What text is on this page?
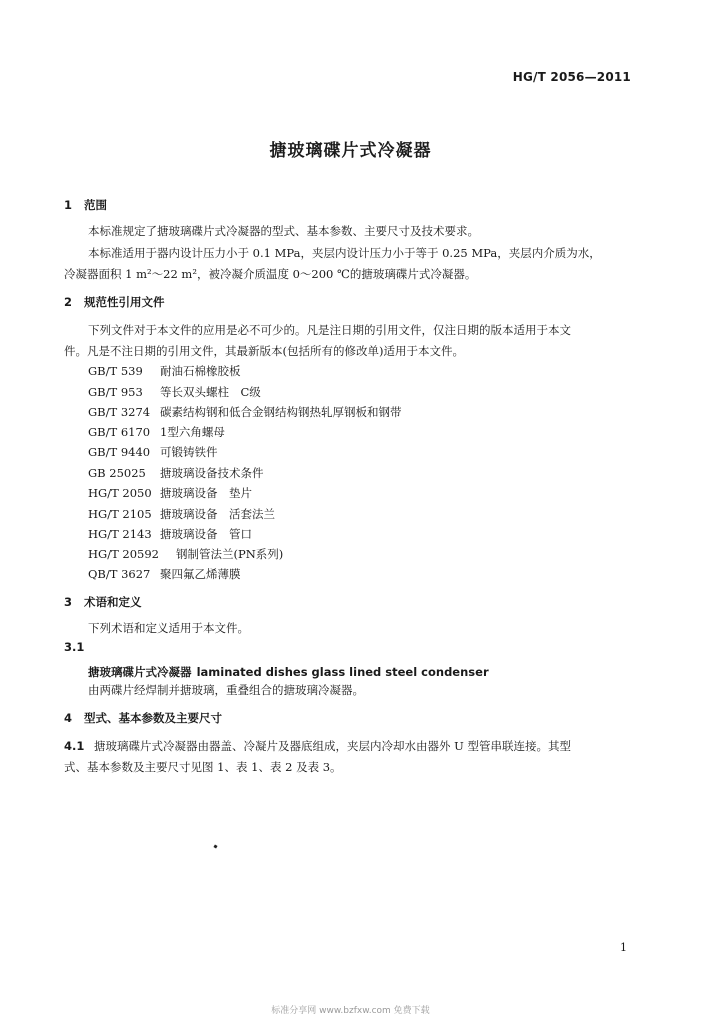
HG/T 2056—2011
搪玻璃碟片式冷凝器
1 范围
本标准规定了搪玻璃碟片式冷凝器的型式、基本参数、主要尺寸及技术要求。
本标准适用于器内设计压力小于 0.1 MPa，夹层内设计压力小于等于 0.25 MPa，夹层内介质为水，
冷凝器面积 1 m²～22 m²，被冷凝介质温度 0～200 ℃的搪玻璃碟片式冷凝器。
2 规范性引用文件
下列文件对于本文件的应用是必不可少的。凡是注日期的引用文件，仅注日期的版本适用于本文
件。凡是不注日期的引用文件，其最新版本(包括所有的修改单)适用于本文件。
GB/T 539 耐油石棉橡胶板
GB/T 953 等长双头螺柱　C级
GB/T 3274 碳素结构钢和低合金钢结构钢热轧厚钢板和钢带
GB/T 6170 1型六角螺母
GB/T 9440 可锻铸铁件
GB 25025 搪玻璃设备技术条件
HG/T 2050 搪玻璃设备　垫片
HG/T 2105 搪玻璃设备　活套法兰
HG/T 2143 搪玻璃设备　管口
HG/T 20592 钢制管法兰(PN系列)
QB/T 3627 聚四氟乙烯薄膜
3 术语和定义
下列术语和定义适用于本文件。
3.1
搪玻璃碟片式冷凝器 laminated dishes glass lined steel condenser
由两碟片经焊制并搪玻璃，重叠组合的搪玻璃冷凝器。
4 型式、基本参数及主要尺寸
4.1 搪玻璃碟片式冷凝器由器盖、冷凝片及器底组成，夹层内冷却水由器外 U 型管串联连接。其型
式、基本参数及主要尺寸见图 1、表 1、表 2 及表 3。
1
标准分享网 www.bzfxw.com 免费下载
